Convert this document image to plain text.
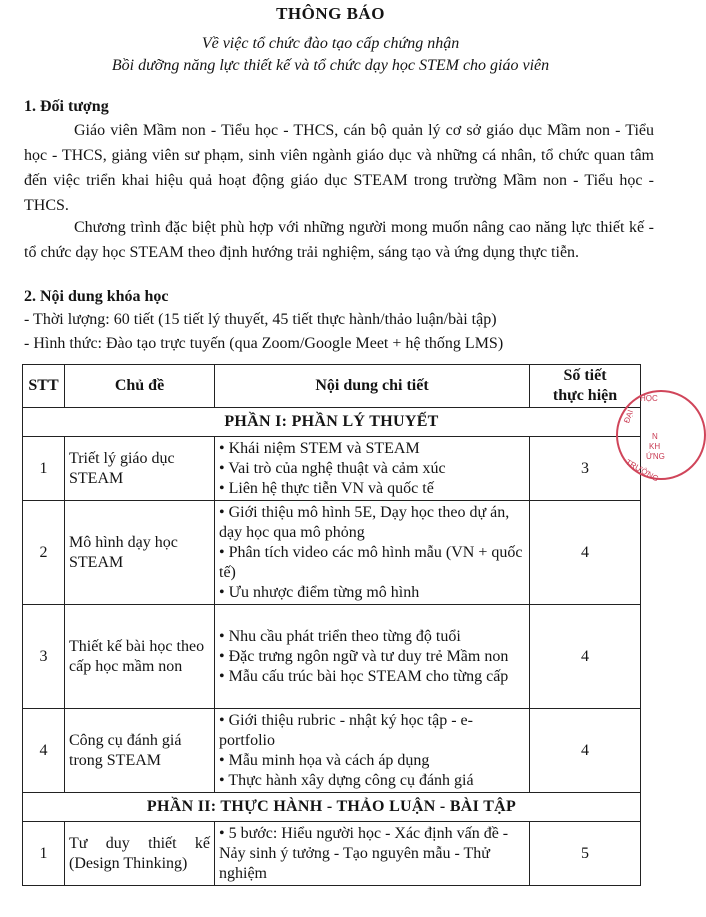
THÔNG BÁO
Về việc tổ chức đào tạo cấp chứng nhận
Bồi dưỡng năng lực thiết kế và tổ chức dạy học STEM cho giáo viên
1. Đối tượng
Giáo viên Mầm non - Tiểu học - THCS, cán bộ quản lý cơ sở giáo dục Mầm non - Tiểu học - THCS, giảng viên sư phạm, sinh viên ngành giáo dục và những cá nhân, tổ chức quan tâm đến việc triển khai hiệu quả hoạt động giáo dục STEAM trong trường Mầm non - Tiểu học - THCS.
Chương trình đặc biệt phù hợp với những người mong muốn nâng cao năng lực thiết kế - tổ chức dạy học STEAM theo định hướng trải nghiệm, sáng tạo và ứng dụng thực tiễn.
2. Nội dung khóa học
- Thời lượng: 60 tiết (15 tiết lý thuyết, 45 tiết thực hành/thảo luận/bài tập)
- Hình thức: Đào tạo trực tuyến (qua Zoom/Google Meet + hệ thống LMS)
STT	Chủ đề	Nội dung chi tiết	Số tiết
thực hiện

PHẦN I: PHẦN LÝ THUYẾT			
1	Triết lý giáo dục STEAM	• Khái niệm STEM và STEAM
• Vai trò của nghệ thuật và cảm xúc
• Liên hệ thực tiễn VN và quốc tế	3
2	Mô hình dạy học STEAM	• Giới thiệu mô hình 5E, Dạy học theo dự án, dạy học qua mô phỏng
• Phân tích video các mô hình mẫu (VN + quốc tế)
• Ưu nhược điểm từng mô hình	4
3	Thiết kế bài học theo cấp học mầm non	• Nhu cầu phát triển theo từng độ tuổi
• Đặc trưng ngôn ngữ và tư duy trẻ Mầm non
• Mẫu cấu trúc bài học STEAM cho từng cấp	4
4	Công cụ đánh giá trong STEAM	• Giới thiệu rubric - nhật ký học tập - e-portfolio
• Mẫu minh họa và cách áp dụng
• Thực hành xây dựng công cụ đánh giá	4
PHẦN II: THỰC HÀNH - THẢO LUẬN - BÀI TẬP			
1	Tư duy thiết kế (Design Thinking)	• 5 bước: Hiểu người học - Xác định vấn đề - Nảy sinh ý tưởng - Tạo nguyên mẫu - Thử nghiệm	5
HỌC
N
KH
ỨNG
ĐẠI
TRƯỜNG
